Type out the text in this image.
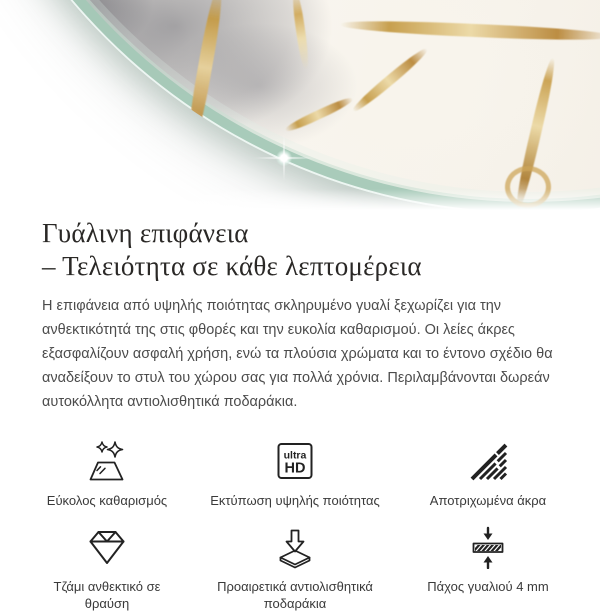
Γυάλινη επιφάνεια
– Τελειότητα σε κάθε λεπτομέρεια

Η επιφάνεια από υψηλής ποιότητας σκληρυμένο γυαλί ξεχωρίζει για την ανθεκτικότητά της στις φθορές και την ευκολία καθαρισμού. Οι λείες άκρες εξασφαλίζουν ασφαλή χρήση, ενώ τα πλούσια χρώματα και το έντονο σχέδιο θα αναδείξουν το στυλ του χώρου σας για πολλά χρόνια. Περιλαμβάνονται δωρεάν αυτοκόλλητα αντιολισθητικά ποδαράκια.

Εύκολος καθαρισμός
ultra
HD
Εκτύπωση υψηλής ποιότητας	Αποτριχωμένα άκρα
Τζάμι ανθεκτικό σε θραύση
Προαιρετικά αντιολισθητικά ποδαράκια
Πάχος γυαλιού 4 mm
